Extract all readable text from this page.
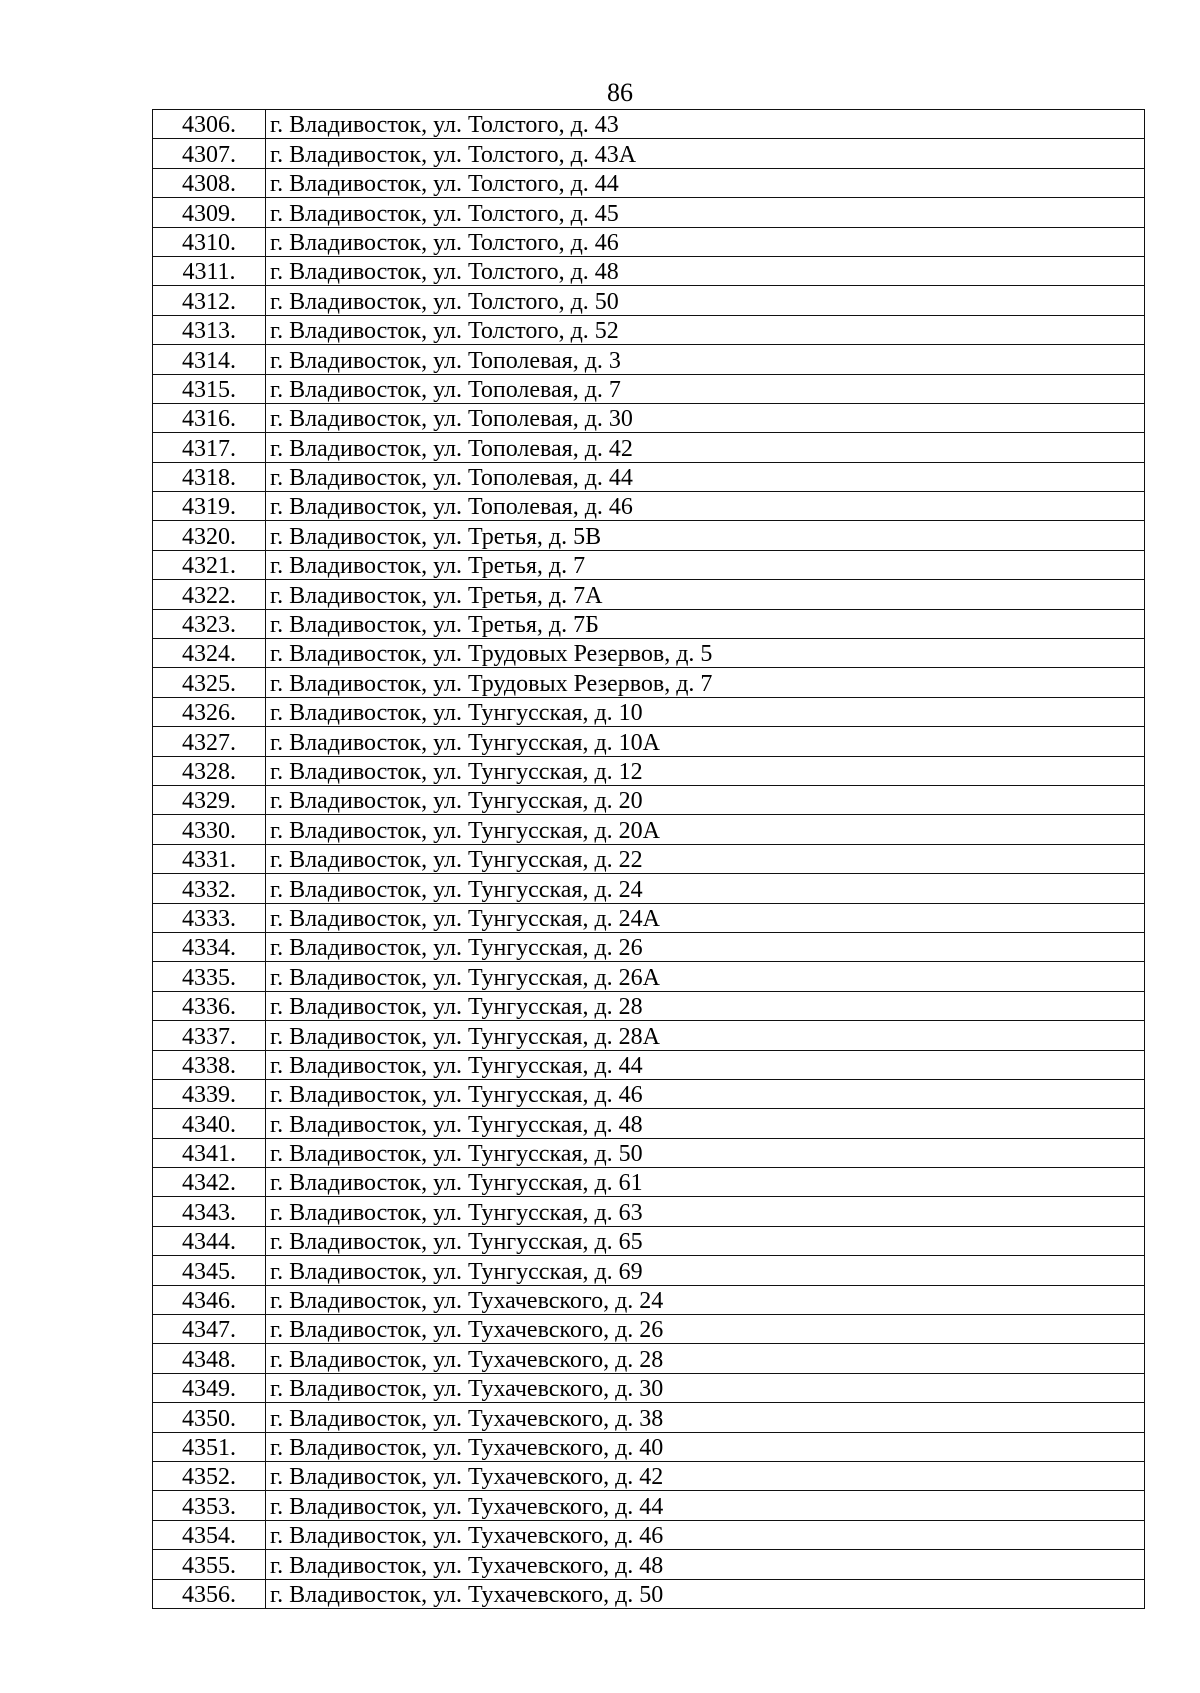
86
4306.	г. Владивосток, ул. Толстого, д. 43
4307.	г. Владивосток, ул. Толстого, д. 43А
4308.	г. Владивосток, ул. Толстого, д. 44
4309.	г. Владивосток, ул. Толстого, д. 45
4310.	г. Владивосток, ул. Толстого, д. 46
4311.	г. Владивосток, ул. Толстого, д. 48
4312.	г. Владивосток, ул. Толстого, д. 50
4313.	г. Владивосток, ул. Толстого, д. 52
4314.	г. Владивосток, ул. Тополевая, д. 3
4315.	г. Владивосток, ул. Тополевая, д. 7
4316.	г. Владивосток, ул. Тополевая, д. 30
4317.	г. Владивосток, ул. Тополевая, д. 42
4318.	г. Владивосток, ул. Тополевая, д. 44
4319.	г. Владивосток, ул. Тополевая, д. 46
4320.	г. Владивосток, ул. Третья, д. 5В
4321.	г. Владивосток, ул. Третья, д. 7
4322.	г. Владивосток, ул. Третья, д. 7А
4323.	г. Владивосток, ул. Третья, д. 7Б
4324.	г. Владивосток, ул. Трудовых Резервов, д. 5
4325.	г. Владивосток, ул. Трудовых Резервов, д. 7
4326.	г. Владивосток, ул. Тунгусская, д. 10
4327.	г. Владивосток, ул. Тунгусская, д. 10А
4328.	г. Владивосток, ул. Тунгусская, д. 12
4329.	г. Владивосток, ул. Тунгусская, д. 20
4330.	г. Владивосток, ул. Тунгусская, д. 20А
4331.	г. Владивосток, ул. Тунгусская, д. 22
4332.	г. Владивосток, ул. Тунгусская, д. 24
4333.	г. Владивосток, ул. Тунгусская, д. 24А
4334.	г. Владивосток, ул. Тунгусская, д. 26
4335.	г. Владивосток, ул. Тунгусская, д. 26А
4336.	г. Владивосток, ул. Тунгусская, д. 28
4337.	г. Владивосток, ул. Тунгусская, д. 28А
4338.	г. Владивосток, ул. Тунгусская, д. 44
4339.	г. Владивосток, ул. Тунгусская, д. 46
4340.	г. Владивосток, ул. Тунгусская, д. 48
4341.	г. Владивосток, ул. Тунгусская, д. 50
4342.	г. Владивосток, ул. Тунгусская, д. 61
4343.	г. Владивосток, ул. Тунгусская, д. 63
4344.	г. Владивосток, ул. Тунгусская, д. 65
4345.	г. Владивосток, ул. Тунгусская, д. 69
4346.	г. Владивосток, ул. Тухачевского, д. 24
4347.	г. Владивосток, ул. Тухачевского, д. 26
4348.	г. Владивосток, ул. Тухачевского, д. 28
4349.	г. Владивосток, ул. Тухачевского, д. 30
4350.	г. Владивосток, ул. Тухачевского, д. 38
4351.	г. Владивосток, ул. Тухачевского, д. 40
4352.	г. Владивосток, ул. Тухачевского, д. 42
4353.	г. Владивосток, ул. Тухачевского, д. 44
4354.	г. Владивосток, ул. Тухачевского, д. 46
4355.	г. Владивосток, ул. Тухачевского, д. 48
4356.	г. Владивосток, ул. Тухачевского, д. 50
